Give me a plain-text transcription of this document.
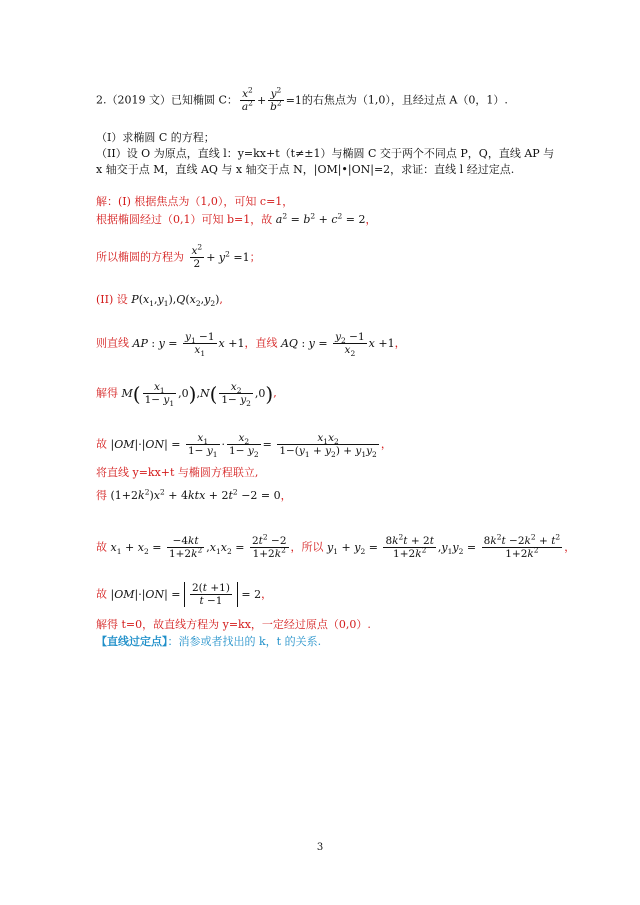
2.（2019 文）已知椭圆 C： $\frac{x^2}{a^2} + \frac{y^2}{b^2} =1$的右焦点为（1,0），且经过点 A（0，1）.
（I）求椭圆 C 的方程；
（II）设 O 为原点，直线 l：y=kx+t（t≠±1）与椭圆 C 交于两个不同点 P，Q，直线 AP 与
x 轴交于点 M，直线 AQ 与 x 轴交于点 N，|OM|•|ON|=2，求证：直线 l 经过定点.
解：(I) 根据焦点为（1,0），可知 c=1，
根据椭圆经过（0,1）可知 b=1，故 $a^2 = b^2 + c^2 = 2$，
所以椭圆的方程为 $\frac{x^2}{2} + y^2 =1$；
(II) 设 $P(x_1,y_1),Q(x_2,y_2)$,
则直线 AP : $y = \frac{y_1 -1}{x_1}$ x +1，直线 AQ : $y = \frac{y_2 -1}{x_2}$ x +1，
解得 $M( \frac{x_1}{1- y_1} ,0),N( \frac{x_2}{1- y_2} ,0)$,
故 $|OM|\cdot|ON| = \frac{x_1}{1- y_1} \cdot \frac{x_2}{1- y_2} = \frac{x_1x_2}{1-(y_1 + y_2) + y_1y_2}$ ，
将直线 y=kx+t 与椭圆方程联立,
得 $(1+2k^2)x^2 + 4ktx + 2t^2 -2 = 0$，
故 $x_1 + x_2 = \frac{-4kt}{1+2k^2} ,x_1x_2 = \frac{2t^2 -2}{1+2k^2}$ ，所以 $y_1 + y_2 = \frac{8k^2t + 2t}{1+2k^2} ,y_1y_2 = \frac{8k^2t -2k^2 + t^2}{1+2k^2}$ ，
故 $|OM|\cdot|ON| = \frac{2(t +1)}{t -1} = 2$，
解得 t=0，故直线方程为 y=kx，一定经过原点（0,0）.
【直线过定点】：消参或者找出的 k，t 的关系.
3
